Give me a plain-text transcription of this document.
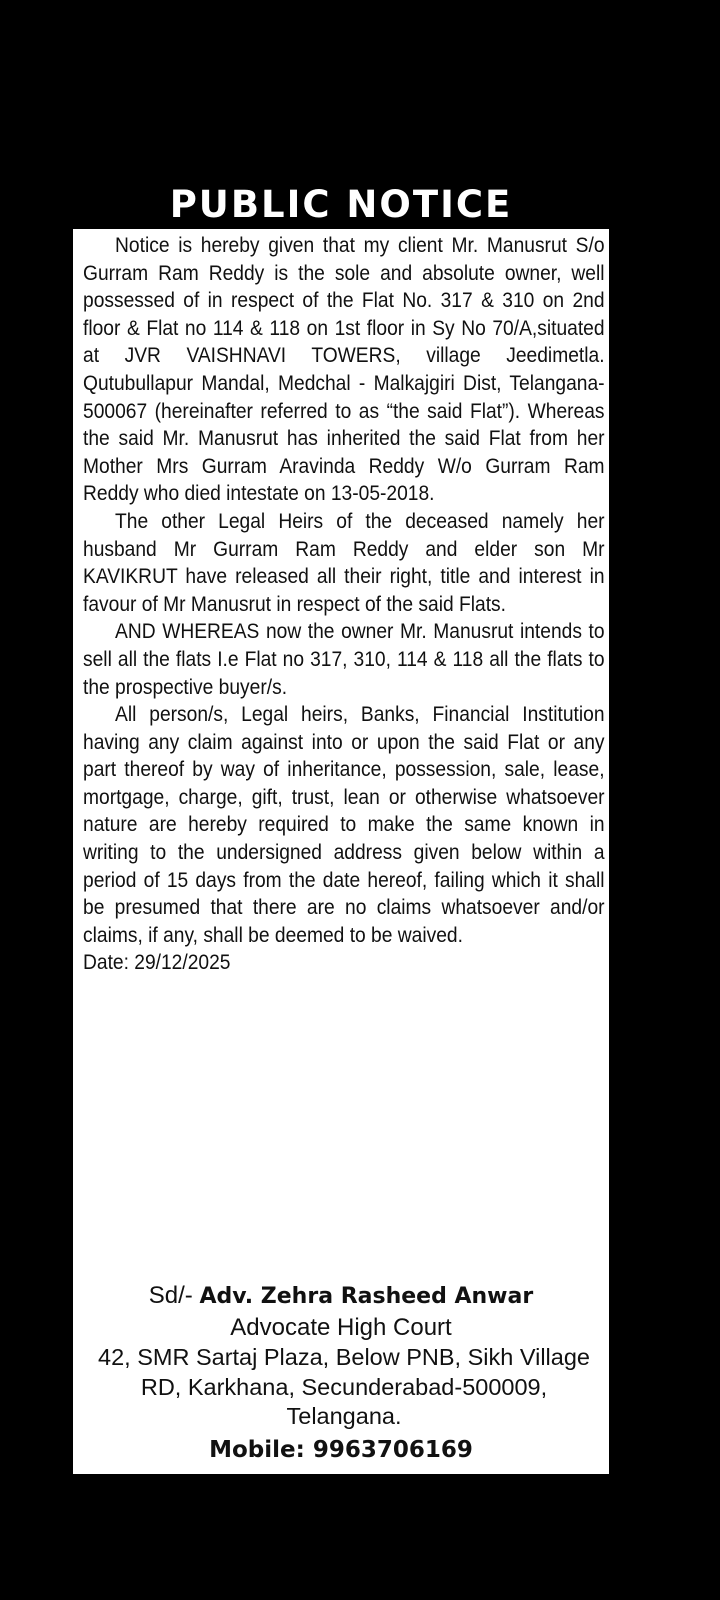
PUBLIC NOTICE

Notice is hereby given that my client Mr. Manusrut S/o Gurram Ram Reddy is the sole and absolute owner, well possessed of in respect of the Flat No. 317 & 310 on 2nd floor & Flat no 114 & 118 on 1st floor in Sy No 70/A,situated at JVR VAISHNAVI TOWERS, village Jeedimetla. Qutubullapur Mandal, Medchal - Malkajgiri Dist, Telangana-500067 (hereinafter referred to as “the said Flat”). Whereas the said Mr. Manusrut has inherited the said Flat from her Mother Mrs Gurram Aravinda Reddy W/o Gurram Ram Reddy who died intestate on 13-05-2018.

The other Legal Heirs of the deceased namely her husband Mr Gurram Ram Reddy and elder son Mr KAVIKRUT have released all their right, title and interest in favour of Mr Manusrut in respect of the said Flats.

AND WHEREAS now the owner Mr. Manusrut intends to sell all the flats I.e Flat no 317, 310, 114 & 118 all the flats to the prospective buyer/s.

All person/s, Legal heirs, Banks, Financial Institution having any claim against into or upon the said Flat or any part thereof by way of inheritance, possession, sale, lease, mortgage, charge, gift, trust, lean or otherwise whatsoever nature are hereby required to make the same known in writing to the undersigned address given below within a period of 15 days from the date hereof, failing which it shall be presumed that there are no claims whatsoever and/or claims, if any, shall be deemed to be waived.

Date: 29/12/2025
Sd/- Adv. Zehra Rasheed Anwar
Advocate High Court
42, SMR Sartaj Plaza, Below PNB, Sikh Village RD, Karkhana, Secunderabad-500009, Telangana.
Mobile: 9963706169
